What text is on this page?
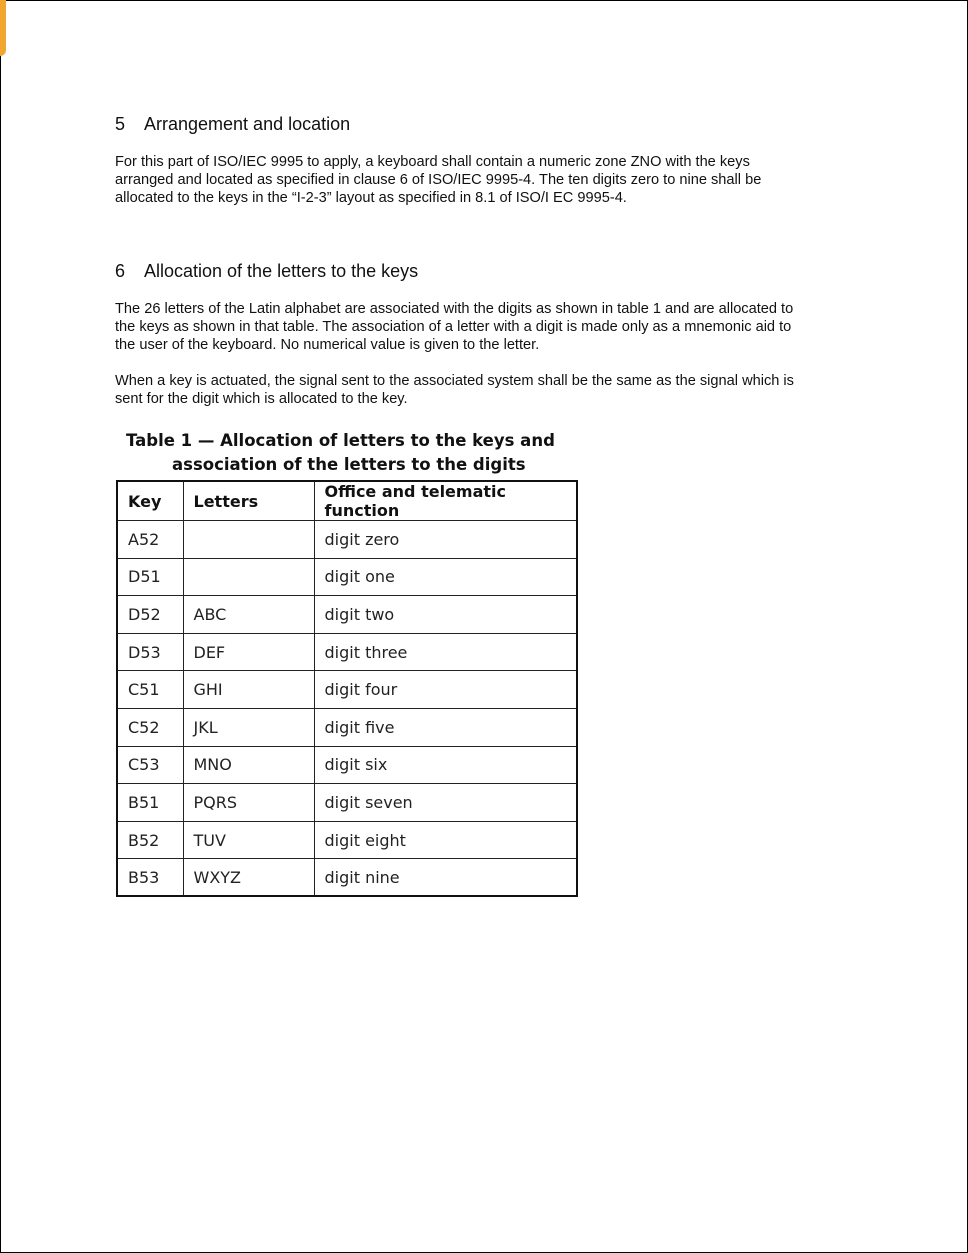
5 Arrangement and location
For this part of ISO/IEC 9995 to apply, a keyboard shall contain a numeric zone ZNO with the keys
arranged and located as specified in clause 6 of ISO/IEC 9995-4. The ten digits zero to nine shall be
allocated to the keys in the “I-2-3” layout as specified in 8.1 of ISO/I EC 9995-4.
6 Allocation of the letters to the keys
The 26 letters of the Latin alphabet are associated with the digits as shown in table 1 and are allocated to
the keys as shown in that table. The association of a letter with a digit is made only as a mnemonic aid to
the user of the keyboard. No numerical value is given to the letter.
When a key is actuated, the signal sent to the associated system shall be the same as the signal which is
sent for the digit which is allocated to the key.
Table 1 — Allocation of letters to the keys and
association of the letters to the digits
Key	Letters	Office and telematic function
A52		digit zero
D51		digit one
D52	ABC	digit two
D53	DEF	digit three
C51	GHI	digit four
C52	JKL	digit five
C53	MNO	digit six
B51	PQRS	digit seven
B52	TUV	digit eight
B53	WXYZ	digit nine
